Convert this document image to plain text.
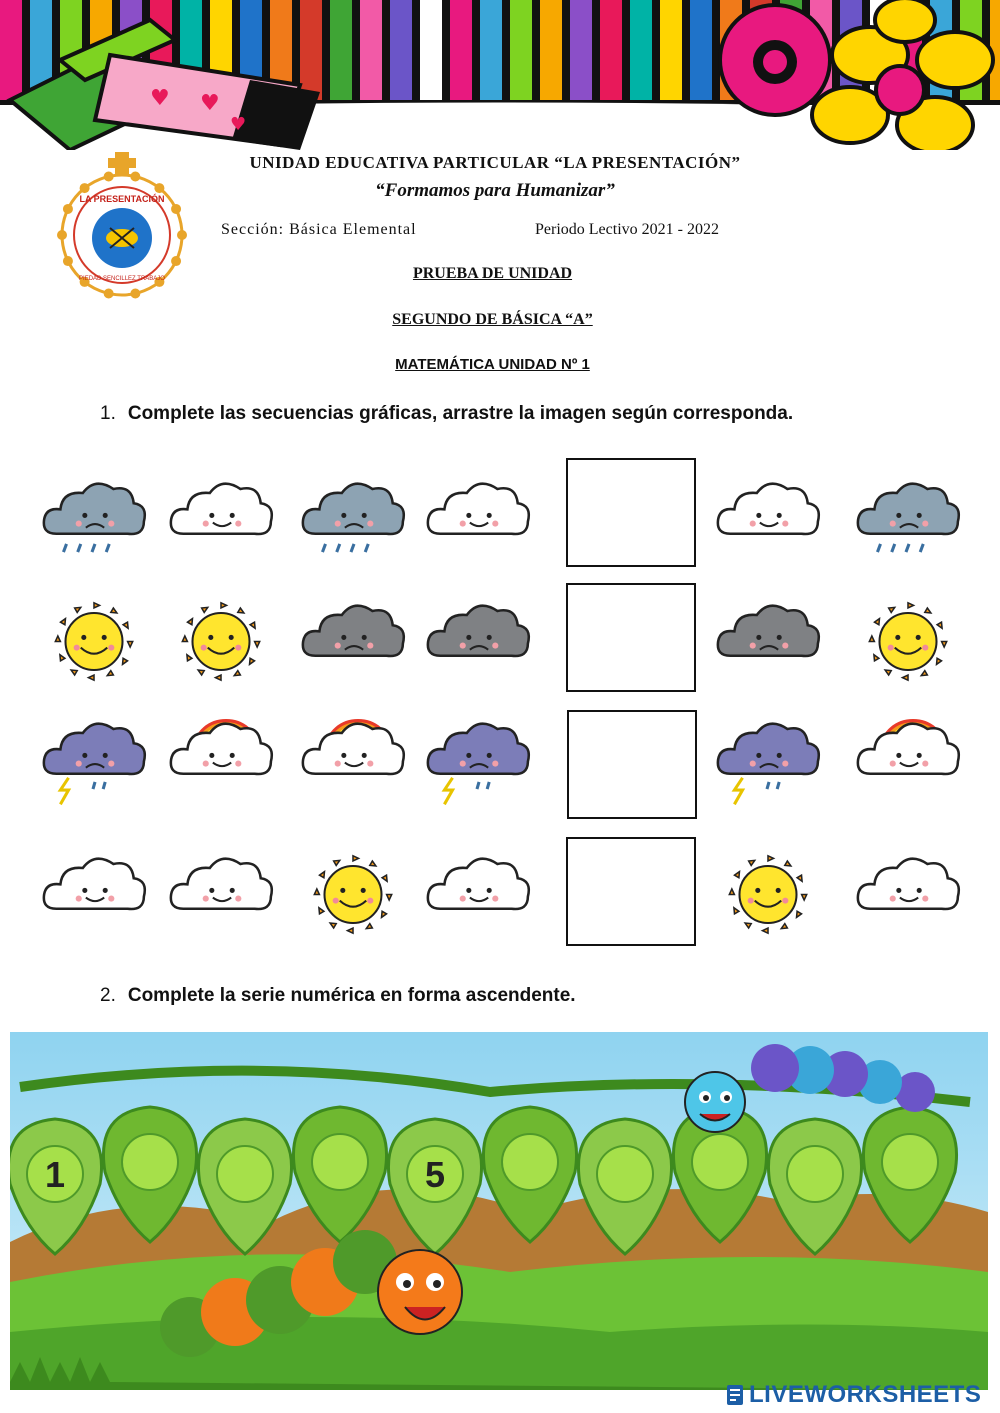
♥ ♥
♥
LA PRESENTACIÓN
PIEDAD SENCILLEZ TRABAJO
UNIDAD EDUCATIVA PARTICULAR “LA PRESENTACIÓN”
“Formamos para Humanizar”
Sección: Básica Elemental	Periodo Lectivo 2021 - 2022
PRUEBA DE UNIDAD
SEGUNDO DE BÁSICA “A”
MATEMÁTICA UNIDAD Nº 1
1. Complete las secuencias gráficas, arrastre la imagen según corresponda.
2. Complete la serie numérica en forma ascendente.
1	5
LIVEWORKSHEETS
